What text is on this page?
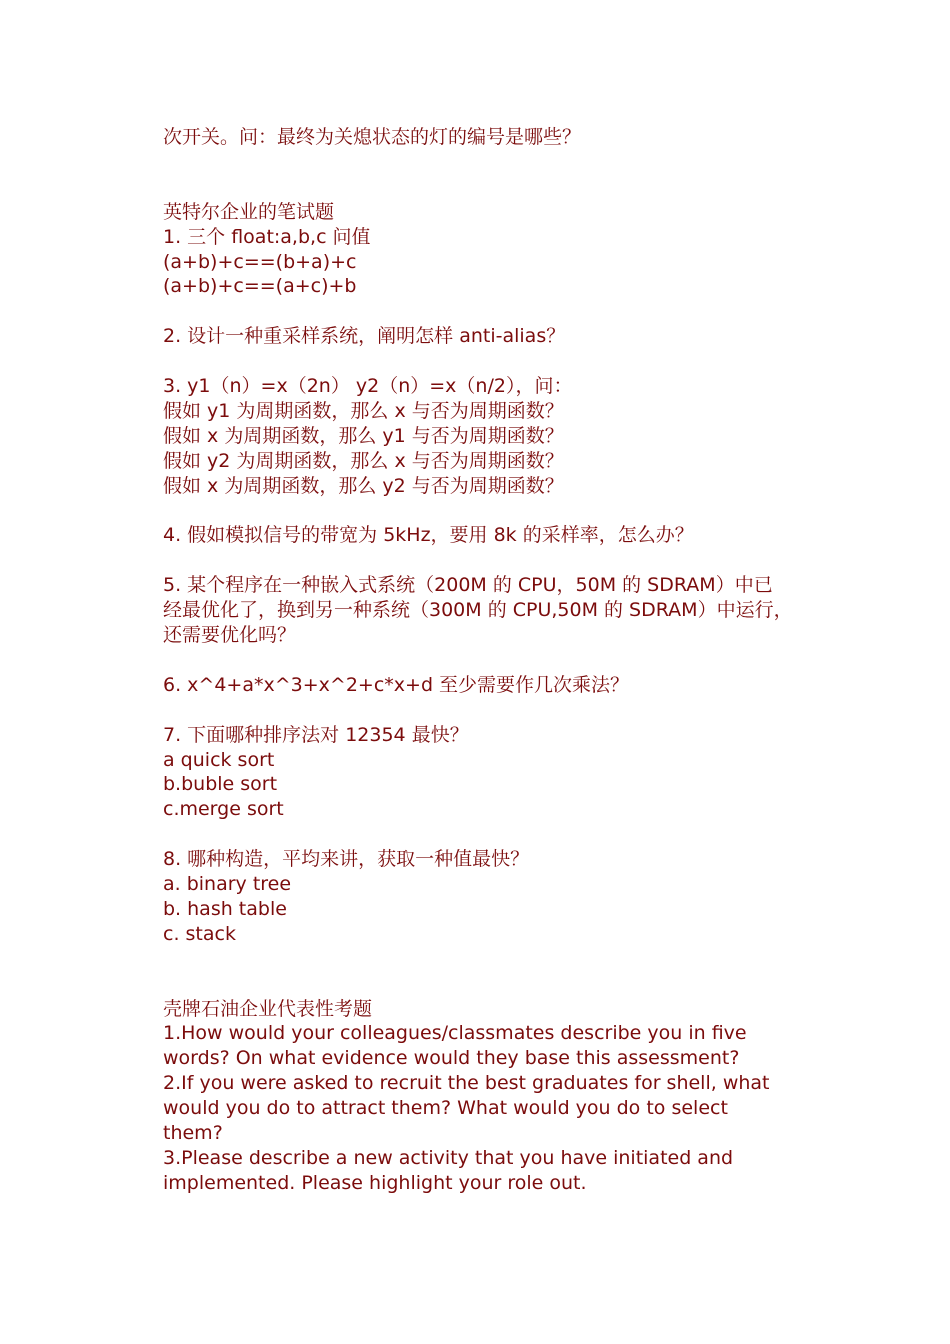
次开关。问：最终为关熄状态的灯的编号是哪些？
英特尔企业的笔试题
1. 三个 float:a,b,c 问值
(a+b)+c==(b+a)+c
(a+b)+c==(a+c)+b
2. 设计一种重采样系统，阐明怎样 anti-alias？
3. y1（n）=x（2n） y2（n）=x（n/2），问：
假如 y1 为周期函数，那么 x 与否为周期函数？
假如 x 为周期函数，那么 y1 与否为周期函数？
假如 y2 为周期函数，那么 x 与否为周期函数？
假如 x 为周期函数，那么 y2 与否为周期函数？
4. 假如模拟信号的带宽为 5kHz，要用 8k 的采样率，怎么办？
5. 某个程序在一种嵌入式系统（200M 的 CPU，50M 的 SDRAM）中已
经最优化了，换到另一种系统（300M 的 CPU,50M 的 SDRAM）中运行，
还需要优化吗？
6. x^4+a*x^3+x^2+c*x+d 至少需要作几次乘法？
7. 下面哪种排序法对 12354 最快？
a quick sort
b.buble sort
c.merge sort
8. 哪种构造，平均来讲，获取一种值最快？
a. binary tree
b. hash table
c. stack
壳牌石油企业代表性考题
1.How would your colleagues/classmates describe you in five
words? On what evidence would they base this assessment?
2.If you were asked to recruit the best graduates for shell, what
would you do to attract them? What would you do to select
them?
3.Please describe a new activity that you have initiated and
implemented. Please highlight your role out.
